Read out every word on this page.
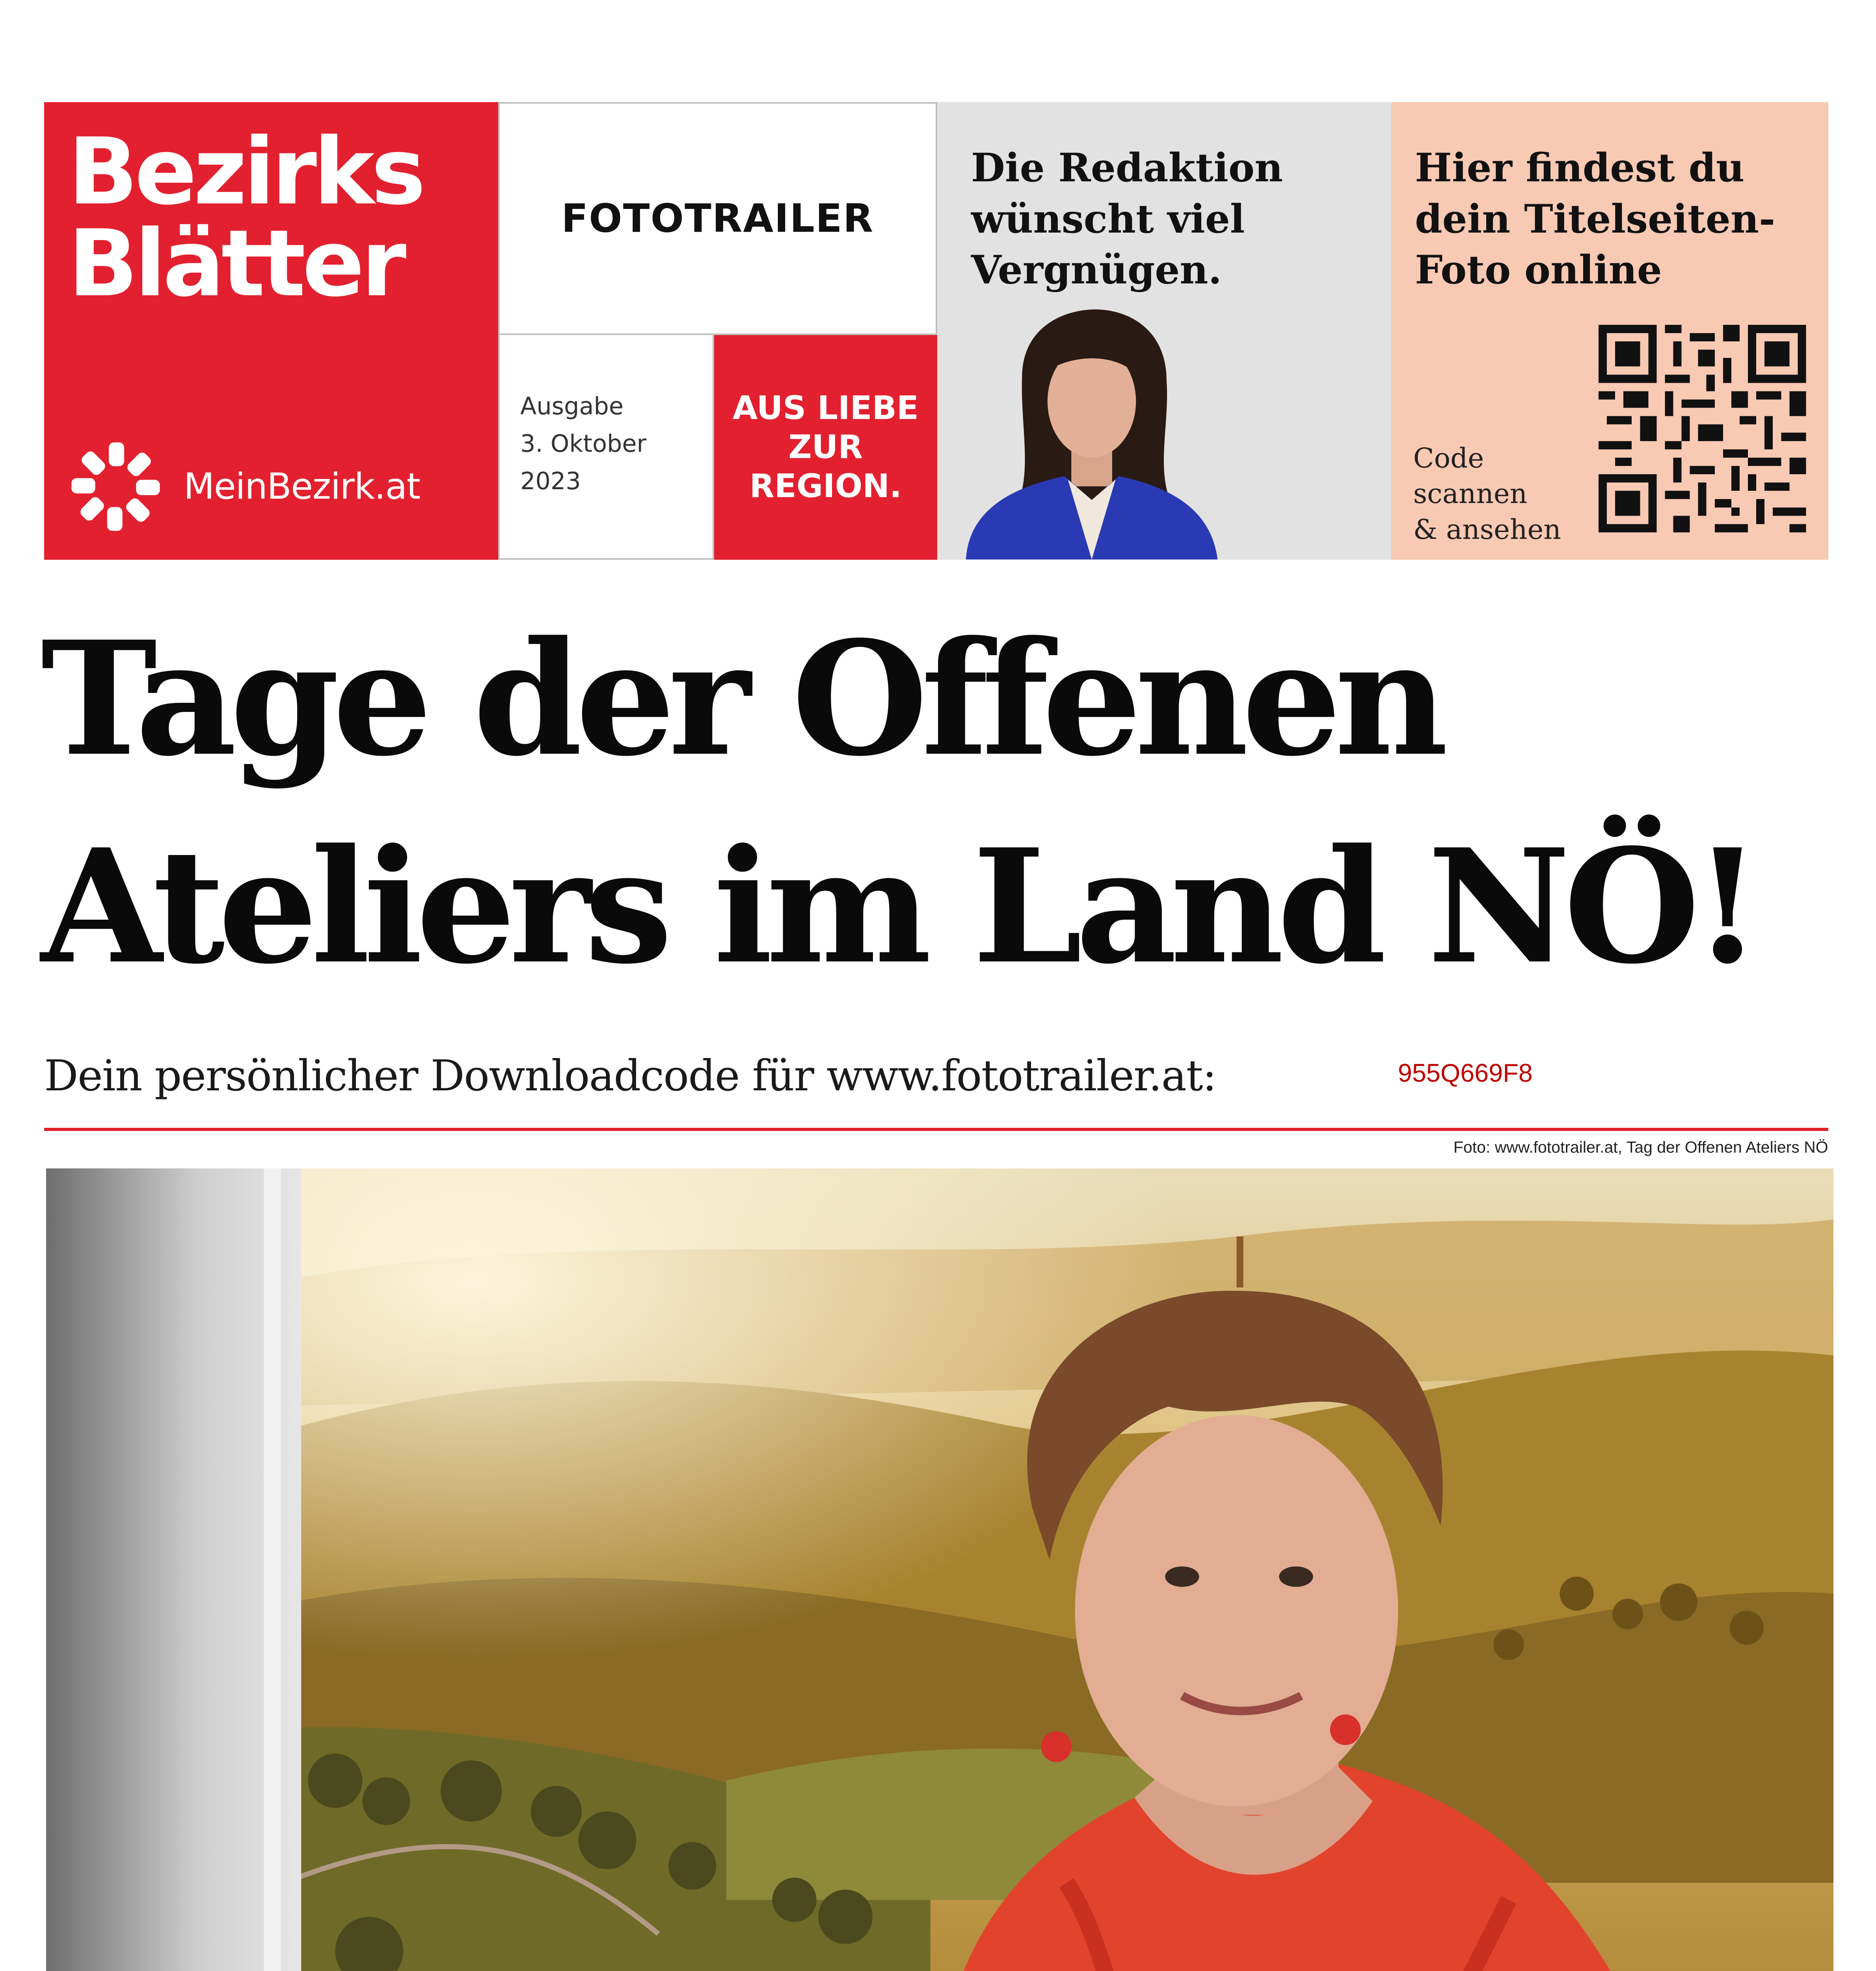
Bezirks
Blätter
MeinBezirk.at
FOTOTRAILER
Ausgabe
3. Oktober
2023
AUS LIEBE
ZUR
REGION.
Die Redaktion
wünscht viel
Vergnügen.
Hier findest du
dein Titelseiten-
Foto online
Code
scannen
& ansehen
Tage der Offenen
Ateliers im Land NÖ!
Dein persönlicher Downloadcode für www.fototrailer.at:	955Q669F8
Foto: www.fototrailer.at, Tag der Offenen Ateliers NÖ
